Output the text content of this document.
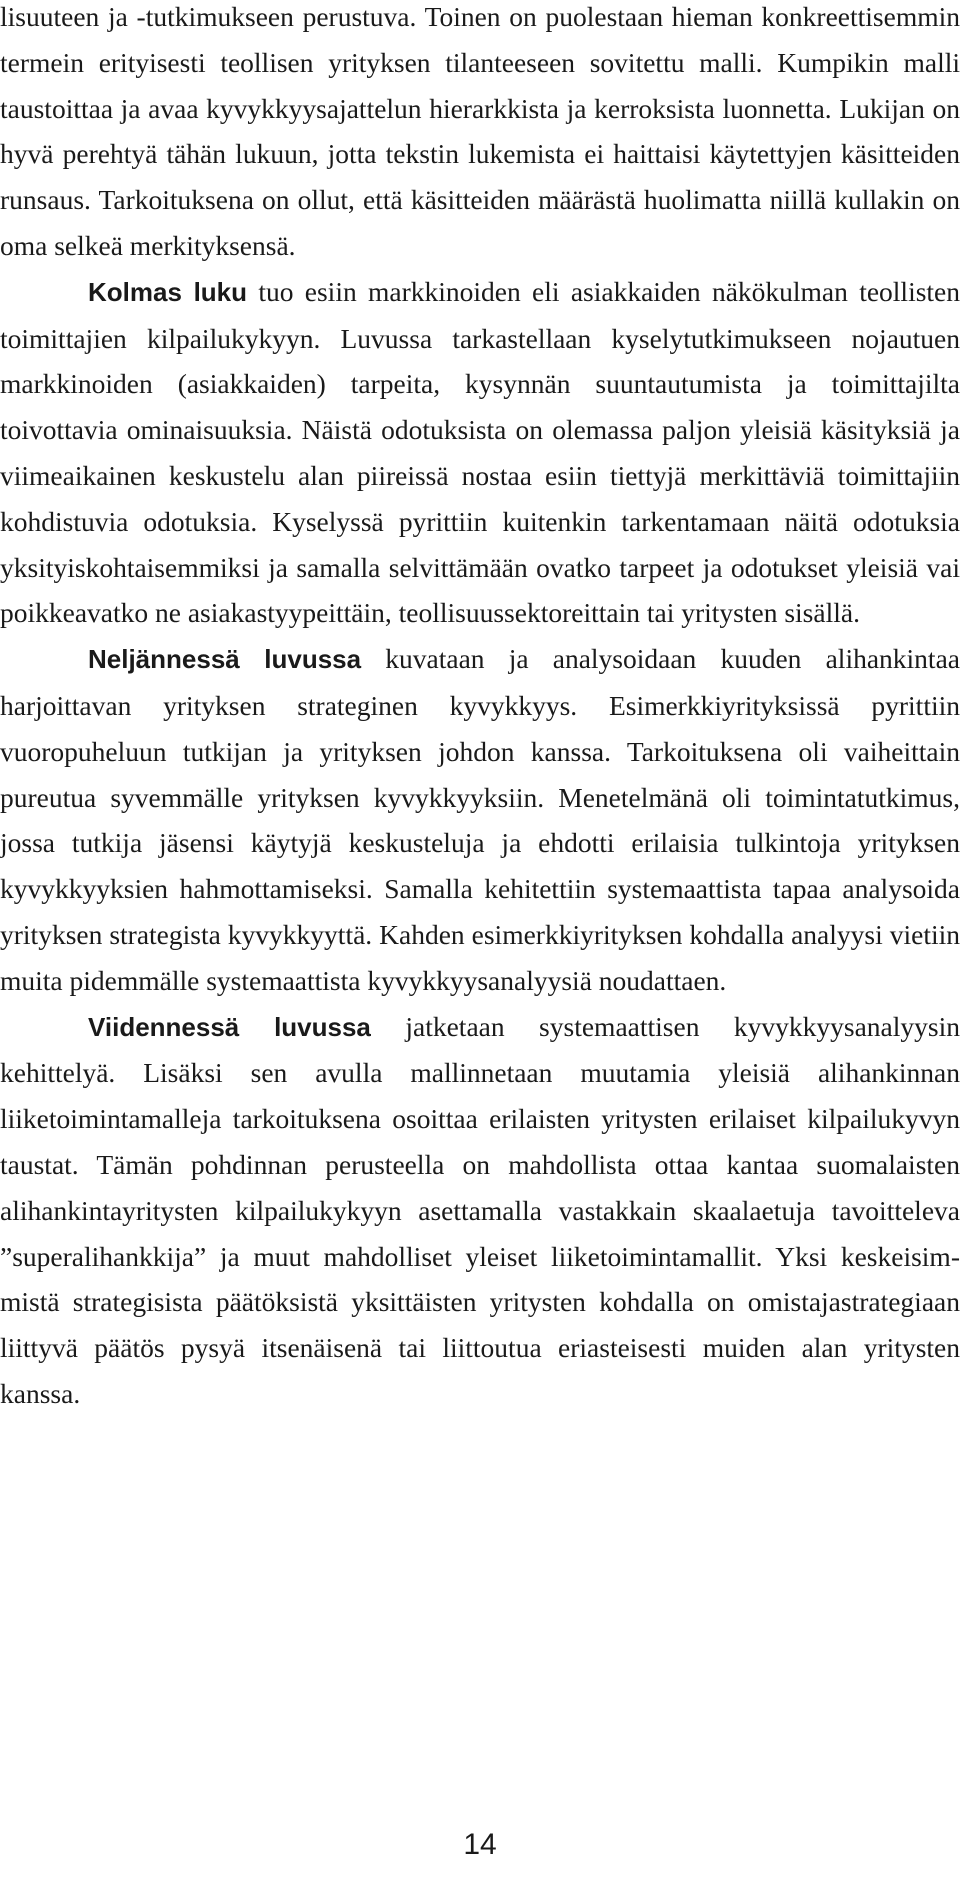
lisuuteen ja -tutkimukseen perustuva. Toinen on puolestaan hieman konkreettisemmin termein erityisesti teollisen yrityksen tilanteeseen sovitettu malli. Kumpikin malli taustoittaa ja avaa kyvykkyysajattelun hierarkkista ja kerroksista luonnetta. Lukijan on hyvä perehtyä tähän lukuun, jotta tekstin lukemista ei haittaisi käytettyjen käsitteiden runsaus. Tarkoituksena on ollut, että käsitteiden määrästä huolimatta niillä kullakin on oma selkeä merkityksensä.

Kolmas luku tuo esiin markkinoiden eli asiakkaiden näkökulman teollisten toimittajien kilpailukykyyn. Luvussa tarkastellaan kyselytutkimukseen nojautuen markkinoiden (asiakkaiden) tarpeita, kysynnän suuntautumista ja toimittajilta toivottavia ominaisuuksia. Näistä odotuksista on olemassa paljon yleisiä käsityksiä ja viimeaikainen keskustelu alan piireissä nostaa esiin tiettyjä merkittäviä toimittajiin kohdistuvia odotuksia. Kyselyssä pyrittiin kuitenkin tarkentamaan näitä odotuksia yksityiskohtaisemmiksi ja samalla selvittämään ovatko tarpeet ja odotukset yleisiä vai poikkeavatko ne asiakastyypeittäin, teollisuussektoreittain tai yritysten sisällä.

Neljännessä luvussa kuvataan ja analysoidaan kuuden alihankintaa harjoittavan yrityksen strateginen kyvykkyys. Esimerkkiyrityksissä pyrittiin vuoropuheluun tutkijan ja yrityksen johdon kanssa. Tarkoituksena oli vaiheittain pureutua syvemmälle yrityksen kyvykkyyksiin. Menetelmänä oli toimintatutkimus, jossa tutkija jäsensi käytyjä keskusteluja ja ehdotti erilaisia tulkintoja yrityksen kyvykkyyksien hahmottamiseksi. Samalla kehitettiin systemaattista tapaa analysoida yrityksen strategista kyvykkyyttä. Kahden esimerkkiyrityksen kohdalla analyysi vietiin muita pidemmälle systemaattista kyvykkyysanalyysiä noudattaen.

Viidennessä luvussa jatketaan systemaattisen kyvykkyysanalyysin kehittelyä. Lisäksi sen avulla mallinnetaan muutamia yleisiä alihankinnan liiketoimintamalleja tarkoituksena osoittaa erilaisten yritysten erilaiset kilpailukyvyn taustat. Tämän pohdinnan perusteella on mahdollista ottaa kantaa suomalaisten alihankintayritysten kilpailukykyyn asettamalla vastakkain skaalaetuja tavoitteleva ”superalihankkija” ja muut mahdolliset yleiset liiketoimintamallit. Yksi keskeisimmistä strategisista päätöksistä yksittäisten yritysten kohdalla on omistajastrategiaan liittyvä päätös pysyä itsenäisenä tai liittoutua eriasteisesti muiden alan yritysten kanssa.

14
